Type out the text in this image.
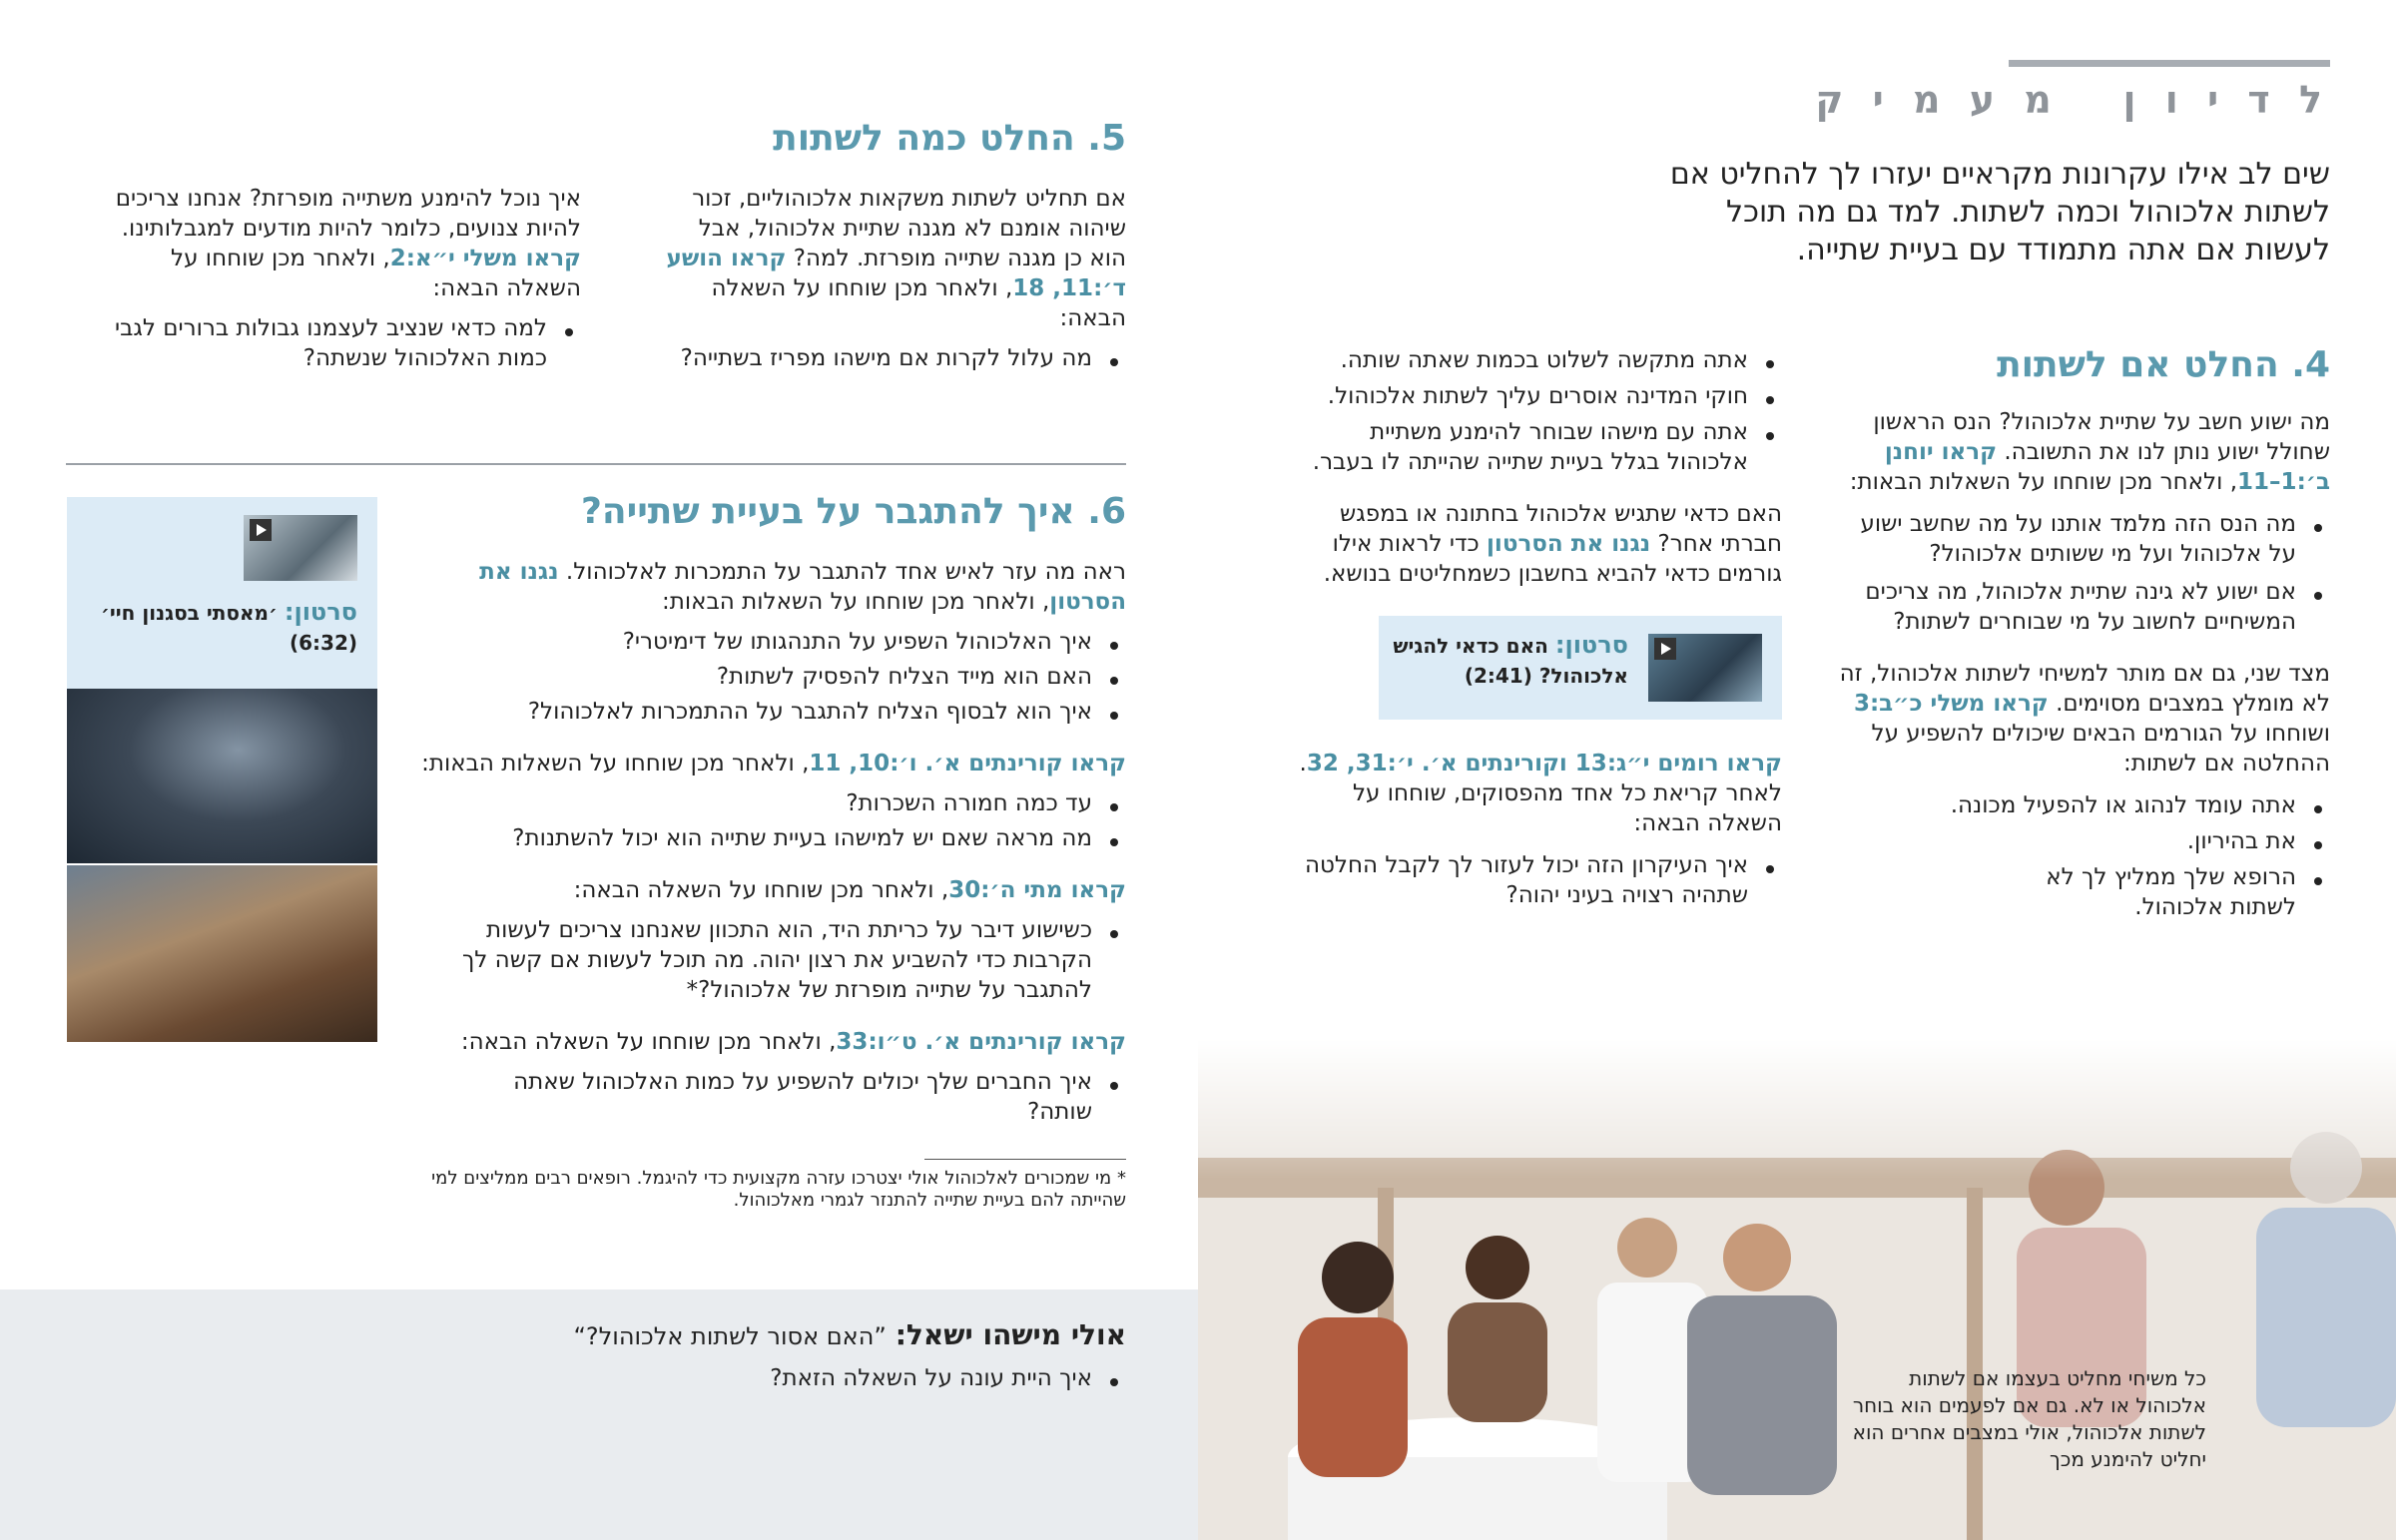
ל ד י ו ן   מ ע מ י ק

שים לב אילו עקרונות מקראיים יעזרו לך להחליט אם לשתות אלכוהול וכמה לשתות. למד גם מה תוכל לעשות אם אתה מתמודד עם בעיית שתייה.

4. החלט אם לשתות

מה ישוע חשב על שתיית אלכוהול? הנס הראשון שחולל ישוע נותן לנו את התשובה. קראו יוחנן ב׳:1–11, ולאחר מכן שוחחו על השאלות הבאות:

מה הנס הזה מלמד אותנו על מה שחשב ישוע על אלכוהול ועל מי ששותים אלכוהול?
אם ישוע לא גינה שתיית אלכוהול, מה צריכים המשיחיים לחשוב על מי שבוחרים לשתות?

מצד שני, גם אם מותר למשיחי לשתות אלכוהול, זה לא מומלץ במצבים מסוימים. קראו משלי כ״ב:3 ושוחחו על הגורמים הבאים שיכולים להשפיע על ההחלטה אם לשתות:

אתה עומד לנהוג או להפעיל מכונה.
את בהיריון.
הרופא שלך ממליץ לך לא לשתות אלכוהול.
אתה מתקשה לשלוט בכמות שאתה שותה.
חוקי המדינה אוסרים עליך לשתות אלכוהול.
אתה עם מישהו שבוחר להימנע משתיית אלכוהול בגלל בעיית שתייה שהייתה לו בעבר.

האם כדאי שתגיש אלכוהול בחתונה או במפגש חברתי אחר? נגנו את הסרטון כדי לראות אילו גורמים כדאי להביא בחשבון כשמחליטים בנושא.

סרטון: האם כדאי להגיש אלכוהול? (2:41)

קראו רומים י״ג:13 וקורינתים א׳. י׳:31, 32. לאחר קריאת כל אחד מהפסוקים, שוחחו על השאלה הבאה:

איך העיקרון הזה יכול לעזור לך לקבל החלטה שתהיה רצויה בעיני יהוה?

כל משיחי מחליט בעצמו אם לשתות אלכוהול או לא. גם אם לפעמים הוא בוחר לשתות אלכוהול, אולי במצבים אחרים הוא יחליט להימנע מכך

5. החלט כמה לשתות

אם תחליט לשתות משקאות אלכוהוליים, זכור שיהוה אומנם לא מגנה שתיית אלכוהול, אבל הוא כן מגנה שתייה מופרזת. למה? קראו הושע ד׳:11, 18, ולאחר מכן שוחחו על השאלה הבאה:

מה עלול לקרות אם מישהו מפריז בשתייה?

איך נוכל להימנע משתייה מופרזת? אנחנו צריכים להיות צנועים, כלומר להיות מודעים למגבלותינו. קראו משלי י״א:2, ולאחר מכן שוחחו על השאלה הבאה:

למה כדאי שנציב לעצמנו גבולות ברורים לגבי כמות האלכוהול שנשתה?
6. איך להתגבר על בעיית שתייה?

ראה מה עזר לאיש אחד להתגבר על התמכרות לאלכוהול. נגנו את הסרטון, ולאחר מכן שוחחו על השאלות הבאות:

איך האלכוהול השפיע על התנהגותו של דימיטרי?
האם הוא מייד הצליח להפסיק לשתות?
איך הוא לבסוף הצליח להתגבר על ההתמכרות לאלכוהול?

קראו קורינתים א׳. ו׳:10, 11, ולאחר מכן שוחחו על השאלות הבאות:

עד כמה חמורה השכרות?
מה מראה שאם יש למישהו בעיית שתייה הוא יכול להשתנות?

קראו מתי ה׳:30, ולאחר מכן שוחחו על השאלה הבאה:

כשישוע דיבר על כריתת היד, הוא התכוון שאנחנו צריכים לעשות הקרבות כדי להשביע את רצון יהוה. מה תוכל לעשות אם קשה לך להתגבר על שתייה מופרזת של אלכוהול?*

קראו קורינתים א׳. ט״ו:33, ולאחר מכן שוחחו על השאלה הבאה:

איך החברים שלך יכולים להשפיע על כמות האלכוהול שאתה שותה?

* מי שמכורים לאלכוהול אולי יצטרכו עזרה מקצועית כדי להיגמל. רופאים רבים ממליצים למי שהייתה להם בעיית שתייה להתנזר לגמרי מאלכוהול.

סרטון: ׳מאסתי בסגנון חיי׳
(6:32)
אולי מישהו ישאל: ”האם אסור לשתות אלכוהול?“
איך היית עונה על השאלה הזאת?
